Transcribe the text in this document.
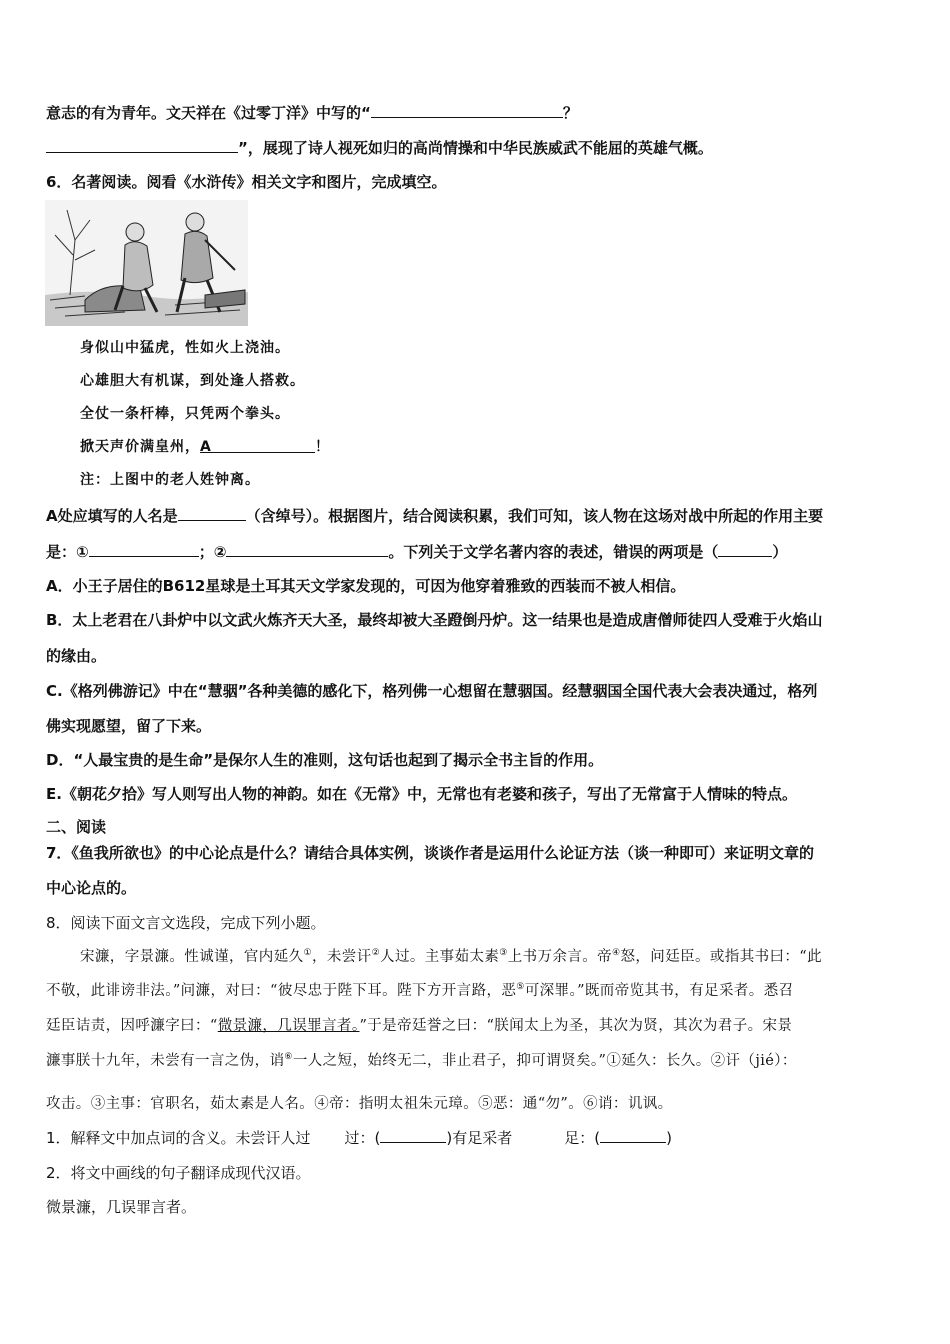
意志的有为青年。文天祥在《过零丁洋》中写的“	？
”，展现了诗人视死如归的高尚情操和中华民族威武不能屈的英雄气概。
6．名著阅读。阅看《水浒传》相关文字和图片，完成填空。
身似山中猛虎，性如火上浇油。
心雄胆大有机谋，到处逢人搭救。
全仗一条杆棒，只凭两个拳头。
掀天声价满皇州，A	！
注：上图中的老人姓钟离。
A处应填写的人名是	（含绰号）。根据图片，结合阅读积累，我们可知，该人物在这场对战中所起的作用主要
是：①	；②	。下列关于文学名著内容的表述，错误的两项是（	）
A．小王子居住的B612星球是土耳其天文学家发现的，可因为他穿着雅致的西装而不被人相信。
B．太上老君在八卦炉中以文武火炼齐天大圣，最终却被大圣蹬倒丹炉。这一结果也是造成唐僧师徒四人受难于火焰山
的缘由。
C.《格列佛游记》中在“慧骃”各种美德的感化下，格列佛一心想留在慧骃国。经慧骃国全国代表大会表决通过，格列
佛实现愿望，留了下来。
D．“人最宝贵的是生命”是保尔人生的准则，这句话也起到了揭示全书主旨的作用。
E.《朝花夕拾》写人则写出人物的神韵。如在《无常》中，无常也有老婆和孩子，写出了无常富于人情味的特点。
二、阅读
7．《鱼我所欲也》的中心论点是什么？请结合具体实例，谈谈作者是运用什么论证方法（谈一种即可）来证明文章的
中心论点的。
8．阅读下面文言文选段，完成下列小题。
宋濂，字景濂。性诚谨，官内延久①，未尝讦②人过。主事茹太素③上书万余言。帝④怒，问廷臣。或指其书曰：“此
不敬，此诽谤非法。”问濂，对曰：“彼尽忠于陛下耳。陛下方开言路，恶⑤可深罪。”既而帝览其书，有足采者。悉召
廷臣诘责，因呼濂字曰：“微景濂，几误罪言者。”于是帝廷誉之曰：“朕闻太上为圣，其次为贤，其次为君子。宋景
濂事朕十九年，未尝有一言之伪，诮⑥一人之短，始终无二，非止君子，抑可谓贤矣。”①延久：长久。②讦（jié）：
攻击。③主事：官职名，茹太素是人名。④帝：指明太祖朱元璋。⑤恶：通“勿”。⑥诮：讥讽。
1．解释文中加点词的含义。未尝讦人过 过：(	)有足采者	足：(	)
2．将文中画线的句子翻译成现代汉语。
微景濂，几误罪言者。
